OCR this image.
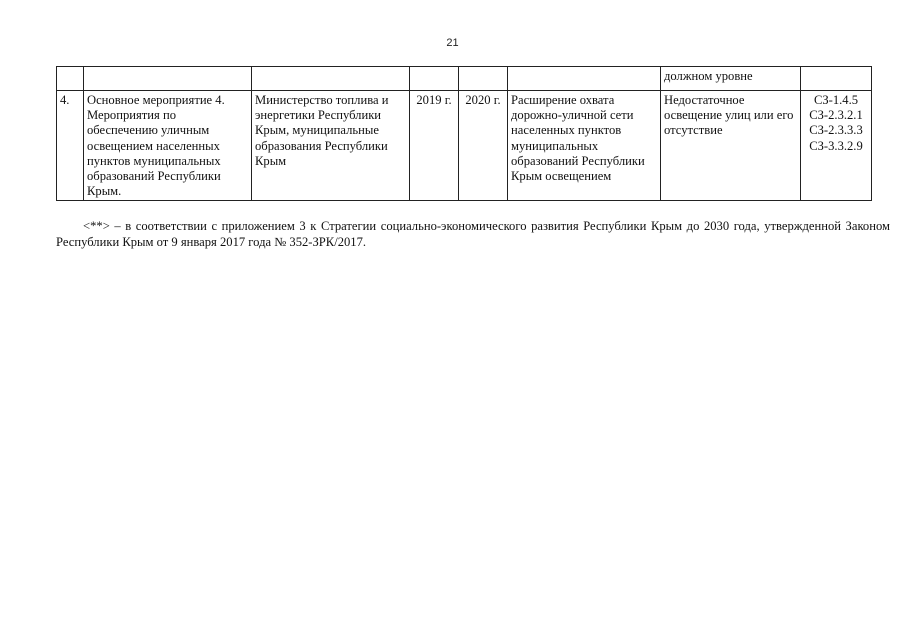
21
						должном уровне	
4.	Основное мероприятие 4. Мероприятия по обеспечению уличным освещением населенных пунктов муниципальных образований Республики Крым.	Министерство топлива и энергетики Республики Крым, муниципальные образования Республики Крым	2019 г.	2020 г.	Расширение охвата дорожно-уличной сети населенных пунктов муниципальных образований Республики Крым освещением	Недостаточное освещение улиц или его отсутствие	СЗ-1.4.5
СЗ-2.3.2.1
СЗ-2.3.3.3
СЗ-3.3.2.9

<**> – в соответствии с приложением 3 к Стратегии социально-экономического развития Республики Крым до 2030 года, утвержденной Законом Республики Крым от 9 января 2017 года № 352-ЗРК/2017.
